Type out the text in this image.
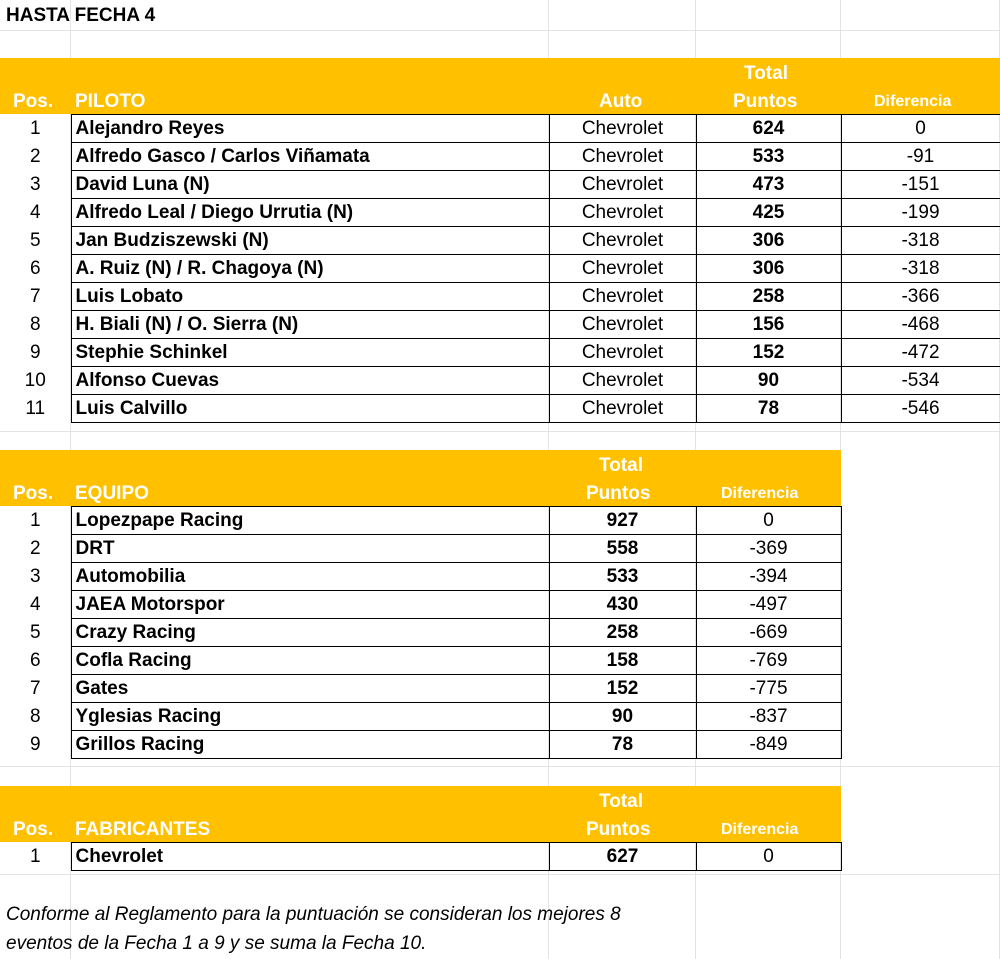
HASTA FECHA 4
Pos. PILOTO	Auto
Total
Puntos	Diferencia
1	Alejandro Reyes	Chevrolet	624	0
2	Alfredo Gasco / Carlos Viñamata	Chevrolet	533	-91
3	David Luna (N)	Chevrolet	473	-151
4	Alfredo Leal / Diego Urrutia (N)	Chevrolet	425	-199
5	Jan Budziszewski (N)	Chevrolet	306	-318
6	A. Ruiz (N) / R. Chagoya (N)	Chevrolet	306	-318
7	Luis Lobato	Chevrolet	258	-366
8	H. Biali (N) / O. Sierra (N)	Chevrolet	156	-468
9	Stephie Schinkel	Chevrolet	152	-472
10	Alfonso Cuevas	Chevrolet	90	-534
11	Luis Calvillo	Chevrolet	78	-546
Pos. EQUIPO
Total
Puntos	Diferencia
1	Lopezpape Racing	927	0
2	DRT	558	-369
3	Automobilia	533	-394
4	JAEA Motorspor	430	-497
5	Crazy Racing	258	-669
6	Cofla Racing	158	-769
7	Gates	152	-775
8	Yglesias Racing	90	-837
9	Grillos Racing	78	-849
Pos. FABRICANTES
Total
Puntos	Diferencia
1	Chevrolet	627	0
Conforme al Reglamento para la puntuación se consideran los mejores 8
eventos de la Fecha 1 a 9 y se suma la Fecha 10.
